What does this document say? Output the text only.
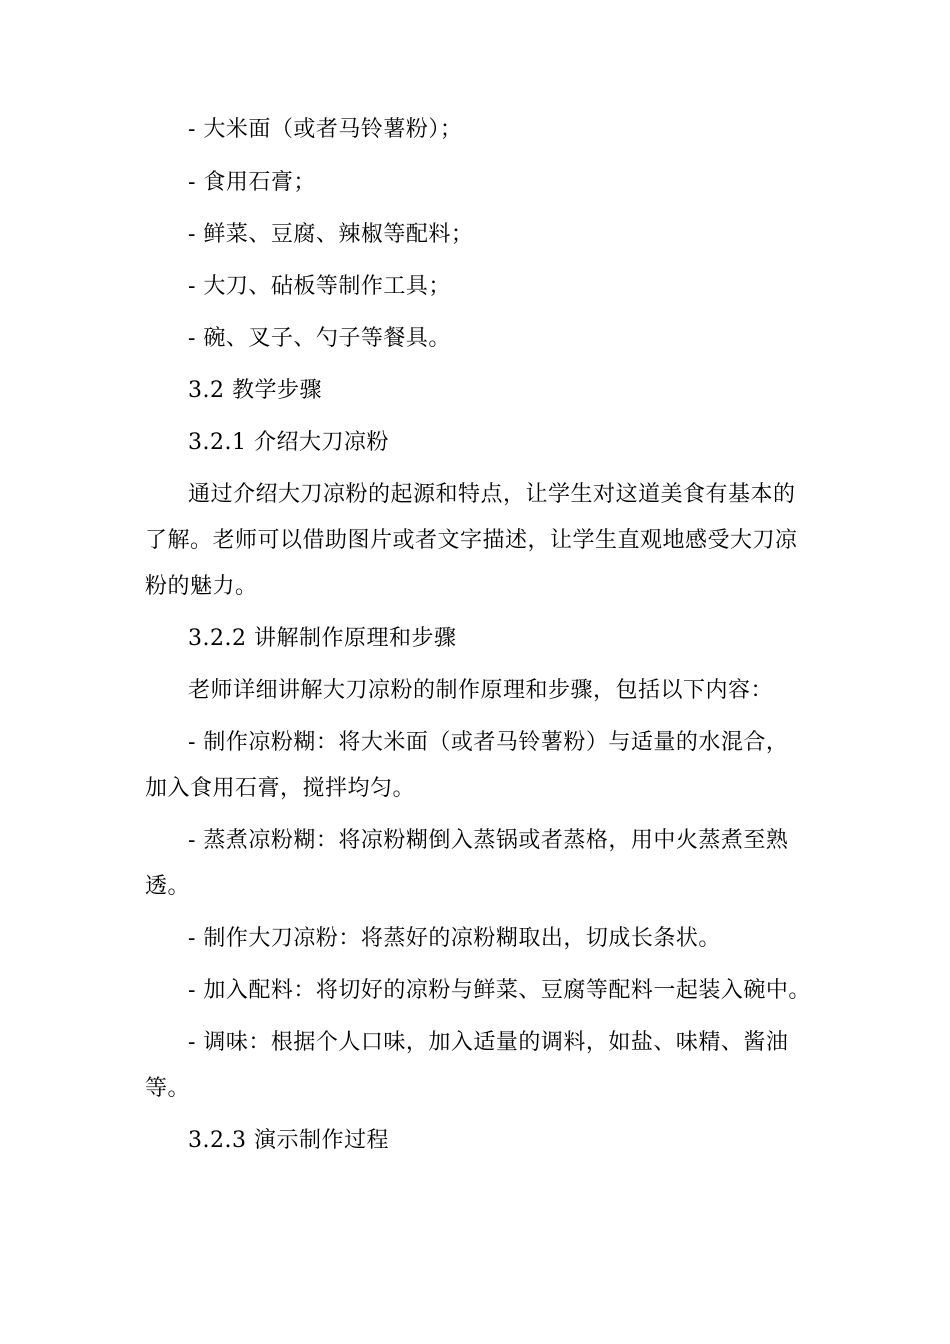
- 大米面（或者马铃薯粉）；
- 食用石膏；
- 鲜菜、豆腐、辣椒等配料；
- 大刀、砧板等制作工具；
- 碗、叉子、勺子等餐具。
3.2 教学步骤
3.2.1 介绍大刀凉粉
通过介绍大刀凉粉的起源和特点，让学生对这道美食有基本的
了解。老师可以借助图片或者文字描述，让学生直观地感受大刀凉
粉的魅力。
3.2.2 讲解制作原理和步骤
老师详细讲解大刀凉粉的制作原理和步骤，包括以下内容：
- 制作凉粉糊：将大米面（或者马铃薯粉）与适量的水混合，
加入食用石膏，搅拌均匀。
- 蒸煮凉粉糊：将凉粉糊倒入蒸锅或者蒸格，用中火蒸煮至熟
透。
- 制作大刀凉粉：将蒸好的凉粉糊取出，切成长条状。
- 加入配料：将切好的凉粉与鲜菜、豆腐等配料一起装入碗中。
- 调味：根据个人口味，加入适量的调料，如盐、味精、酱油
等。
3.2.3 演示制作过程
